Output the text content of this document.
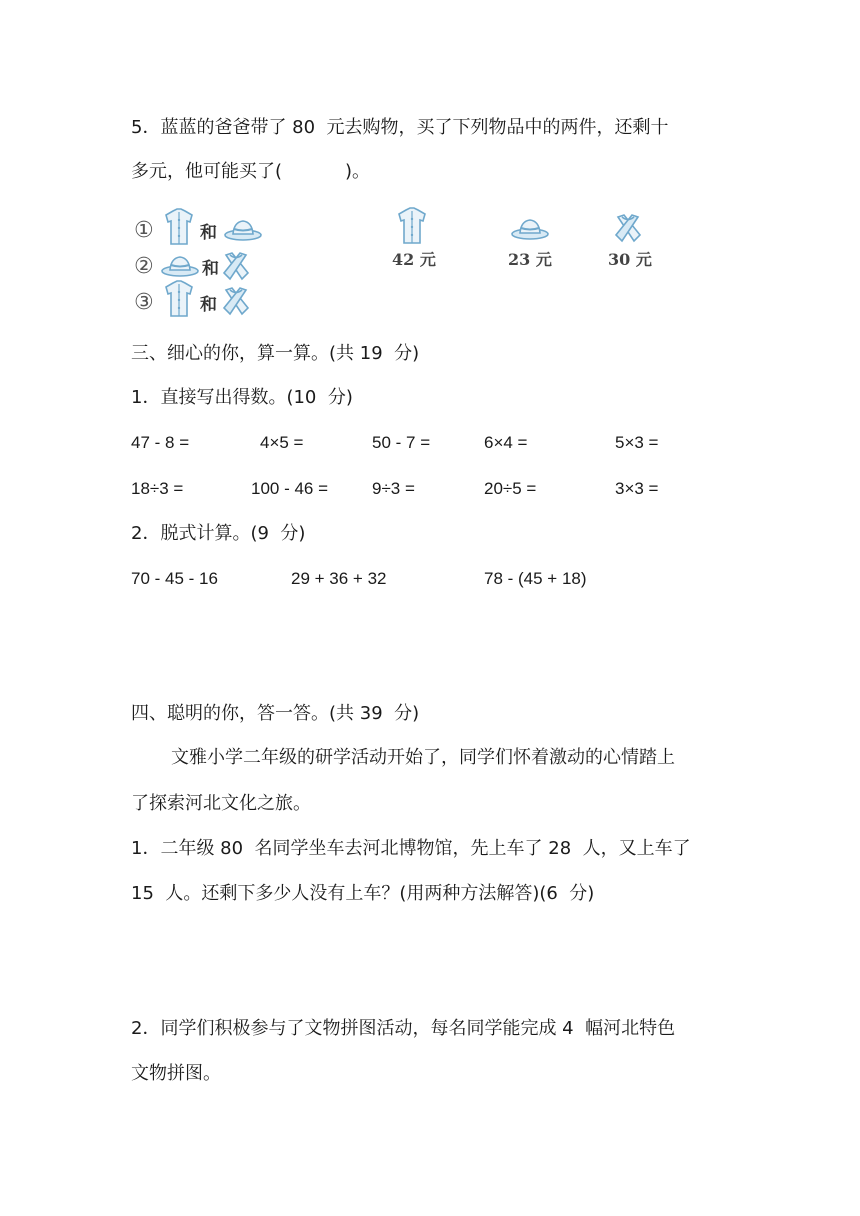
5．蓝蓝的爸爸带了 80  元去购物，买了下列物品中的两件，还剩十
多元，他可能买了(           )。
①	和
②	和
③	和
42 元	23 元	30 元
三、细心的你，算一算。(共 19  分)
1．直接写出得数。(10  分)
47 - 8 =	4×5 =	50 - 7 =	6×4 =	5×3 =
18÷3 =	100 - 46 =	9÷3 =	20÷5 =	3×3 =
2．脱式计算。(9  分)
70 - 45 - 16	29 + 36 + 32	78 - (45 + 18)
四、聪明的你，答一答。(共 39  分)
文雅小学二年级的研学活动开始了，同学们怀着激动的心情踏上
了探索河北文化之旅。
1．二年级 80  名同学坐车去河北博物馆，先上车了 28  人，又上车了
15  人。还剩下多少人没有上车？(用两种方法解答)(6  分)
2．同学们积极参与了文物拼图活动，每名同学能完成 4  幅河北特色
文物拼图。
